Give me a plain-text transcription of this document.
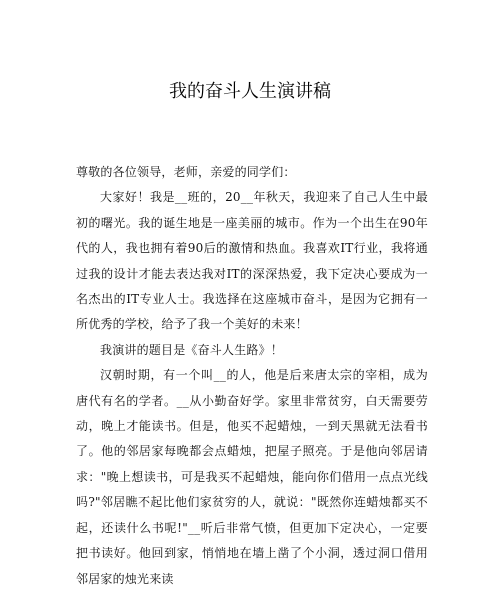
我的奋斗人生演讲稿

尊敬的各位领导，老师，亲爱的同学们：

大家好！我是__班的，20__年秋天，我迎来了自己人生中最初的曙光。我的诞生地是一座美丽的城市。作为一个出生在90年代的人，我也拥有着90后的激情和热血。我喜欢IT行业，我将通过我的设计才能去表达我对IT的深深热爱，我下定决心要成为一名杰出的IT专业人士。我选择在这座城市奋斗，是因为它拥有一所优秀的学校，给予了我一个美好的未来！

我演讲的题目是《奋斗人生路》！

汉朝时期，有一个叫__的人，他是后来唐太宗的宰相，成为唐代有名的学者。__从小勤奋好学。家里非常贫穷，白天需要劳动，晚上才能读书。但是，他买不起蜡烛，一到天黑就无法看书了。他的邻居家每晚都会点蜡烛，把屋子照亮。于是他向邻居请求："晚上想读书，可是我买不起蜡烛，能向你们借用一点点光线吗?"邻居瞧不起比他们家贫穷的人，就说："既然你连蜡烛都买不起，还读什么书呢!"__听后非常气愤，但更加下定决心，一定要把书读好。他回到家，悄悄地在墙上凿了个小洞，透过洞口借用邻居家的烛光来读
